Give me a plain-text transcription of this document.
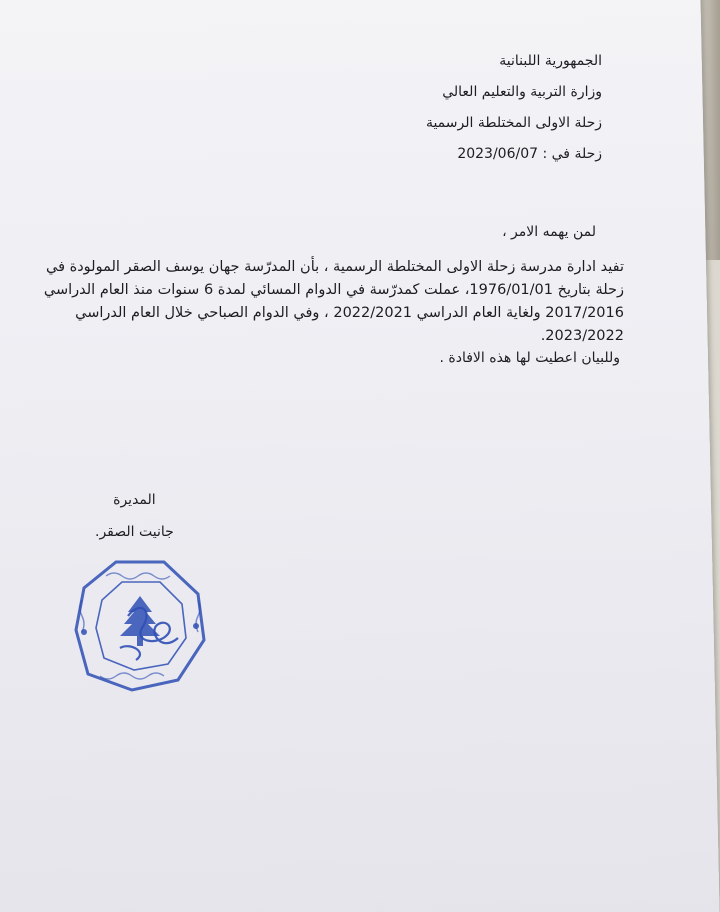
الجمهورية اللبنانية
وزارة التربية والتعليم العالي
زحلة الاولى المختلطة الرسمية
زحلة في : 2023/06/07
لمن يهمه الامر ،
تفيد ادارة مدرسة زحلة الاولى المختلطة الرسمية ، بأن المدرّسة جهان يوسف الصقر المولودة في
زحلة بتاريخ 1976/01/01، عملت كمدرّسة في الدوام المسائي لمدة 6 سنوات منذ العام الدراسي
2017/2016 ولغاية العام الدراسي 2022/2021 ، وفي الدوام الصباحي خلال العام الدراسي
2023/2022.
وللبيان اعطيت لها هذه الافادة .
المديرة
جانيت الصقر.
